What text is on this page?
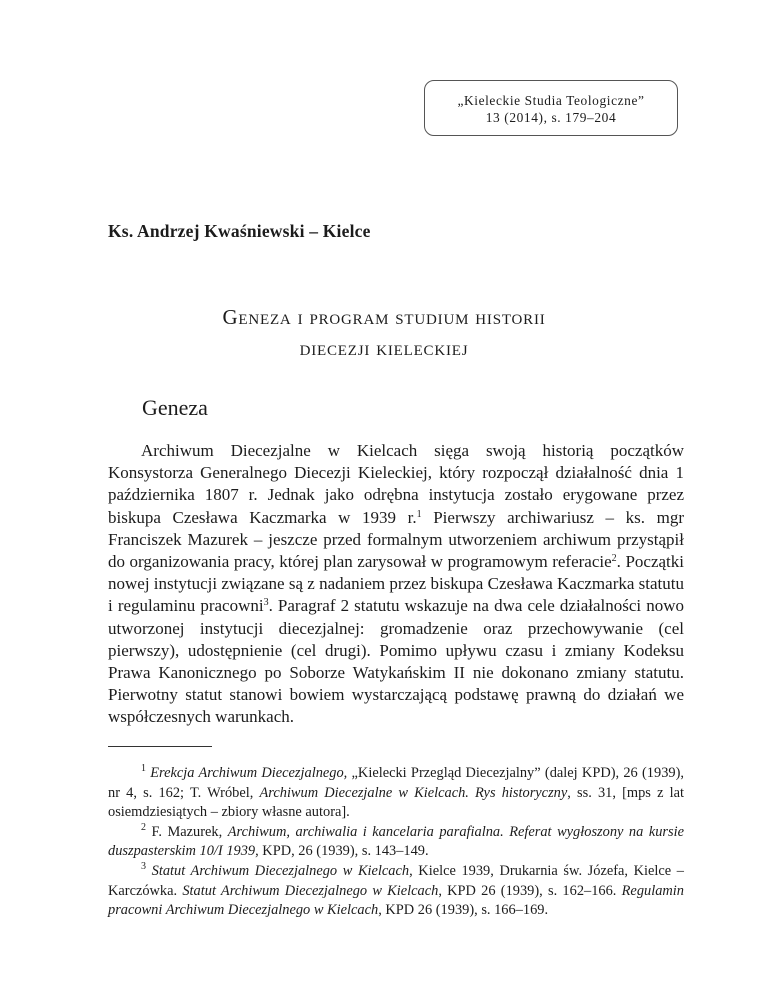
„Kieleckie Studia Teologiczne”
13 (2014), s. 179–204
Ks. Andrzej Kwaśniewski – Kielce
Geneza i program studium historii
diecezji kieleckiej
Geneza

Archiwum Diecezjalne w Kielcach sięga swoją historią początków Konsystorza Generalnego Diecezji Kieleckiej, który rozpoczął działalność dnia 1 października 1807 r. Jednak jako odrębna instytucja zostało erygowane przez biskupa Czesława Kaczmarka w 1939 r.$^1$ Pierwszy archiwariusz – ks. mgr Franciszek Mazurek – jeszcze przed formalnym utworzeniem archiwum przystąpił do organizowania pracy, której plan zarysował w programowym referacie$^2$. Początki nowej instytucji związane są z nadaniem przez biskupa Czesława Kaczmarka statutu i regulaminu pracowni$^3$. Paragraf 2 statutu wskazuje na dwa cele działalności nowo utworzonej instytucji diecezjalnej: gromadzenie oraz przechowywanie (cel pierwszy), udostępnienie (cel drugi). Pomimo upływu czasu i zmiany Kodeksu Prawa Kanonicznego po Soborze Watykańskim II nie dokonano zmiany statutu. Pierwotny statut stanowi bowiem wystarczającą podstawę prawną do działań we współczesnych warunkach.

$^1$ Erekcja Archiwum Diecezjalnego, „Kielecki Przegląd Diecezjalny” (dalej KPD), 26 (1939), nr 4, s. 162; T. Wróbel, Archiwum Diecezjalne w Kielcach. Rys historyczny, ss. 31, [mps z lat osiemdziesiątych – zbiory własne autora].

$^2$ F. Mazurek, Archiwum, archiwalia i kancelaria parafialna. Referat wygłoszony na kursie duszpasterskim 10/I 1939, KPD, 26 (1939), s. 143–149.

$^3$ Statut Archiwum Diecezjalnego w Kielcach, Kielce 1939, Drukarnia św. Józefa, Kielce – Karczówka. Statut Archiwum Diecezjalnego w Kielcach, KPD 26 (1939), s. 162–166. Regulamin pracowni Archiwum Diecezjalnego w Kielcach, KPD 26 (1939), s. 166–169.
